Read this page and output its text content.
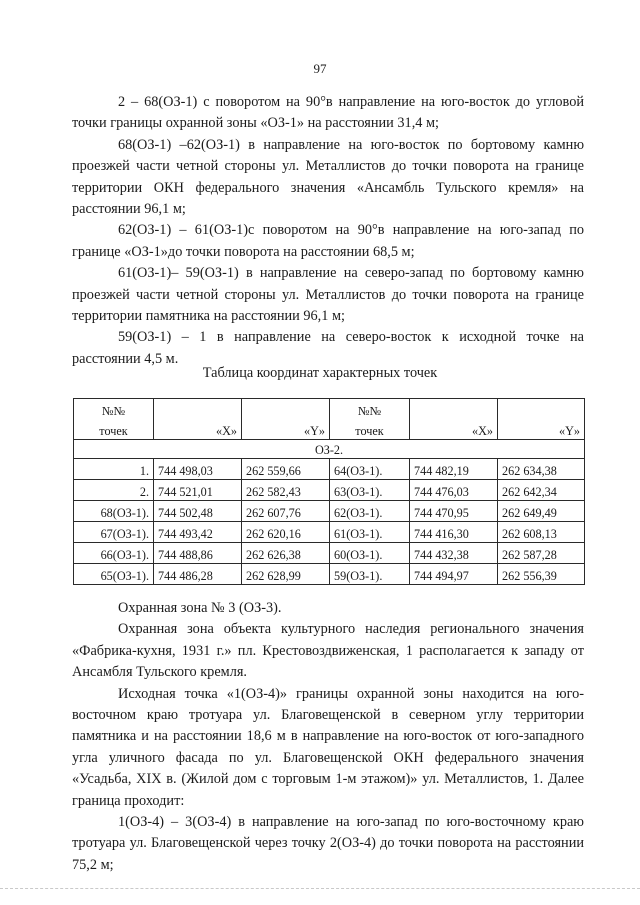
97

2 – 68(ОЗ-1) с поворотом на 90°в направление на юго-восток до угловой точки границы охранной зоны «ОЗ-1» на расстоянии 31,4 м;

68(ОЗ-1) –62(ОЗ-1) в направление на юго-восток по бортовому камню проезжей части четной стороны ул. Металлистов до точки поворота на границе территории ОКН федерального значения «Ансамбль Тульского кремля» на расстоянии 96,1 м;

62(ОЗ-1) – 61(ОЗ-1)с поворотом на 90°в направление на юго-запад по границе «ОЗ-1»до точки поворота на расстоянии 68,5 м;

61(ОЗ-1)– 59(ОЗ-1) в направление на северо-запад по бортовому камню проезжей части четной стороны ул. Металлистов до точки поворота на границе территории памятника на расстоянии 96,1 м;

59(ОЗ-1) – 1 в направление на северо-восток к исходной точке на расстоянии 4,5 м.

Таблица координат характерных точек
№№			№№		
точек	«X»	«Y»	точек	«X»	«Y»
ОЗ-2.					
1.	744 498,03	262 559,66	64(ОЗ-1).	744 482,19	262 634,38
2.	744 521,01	262 582,43	63(ОЗ-1).	744 476,03	262 642,34
68(ОЗ-1).	744 502,48	262 607,76	62(ОЗ-1).	744 470,95	262 649,49
67(ОЗ-1).	744 493,42	262 620,16	61(ОЗ-1).	744 416,30	262 608,13
66(ОЗ-1).	744 488,86	262 626,38	60(ОЗ-1).	744 432,38	262 587,28
65(ОЗ-1).	744 486,28	262 628,99	59(ОЗ-1).	744 494,97	262 556,39

Охранная зона № 3 (ОЗ-3).

Охранная зона объекта культурного наследия регионального значения «Фабрика-кухня, 1931 г.» пл. Крестовоздвиженская, 1 располагается к западу от Ансамбля Тульского кремля.

Исходная точка «1(ОЗ-4)» границы охранной зоны находится на юго-восточном краю тротуара ул. Благовещенской в северном углу территории памятника и на расстоянии 18,6 м в направление на юго-восток от юго-западного угла уличного фасада по ул. Благовещенской ОКН федерального значения «Усадьба, XIX в. (Жилой дом с торговым 1-м этажом)» ул. Металлистов, 1. Далее граница проходит:

1(ОЗ-4) – 3(ОЗ-4) в направление на юго-запад по юго-восточному краю тротуара ул. Благовещенской через точку 2(ОЗ-4) до точки поворота на расстоянии 75,2 м;
